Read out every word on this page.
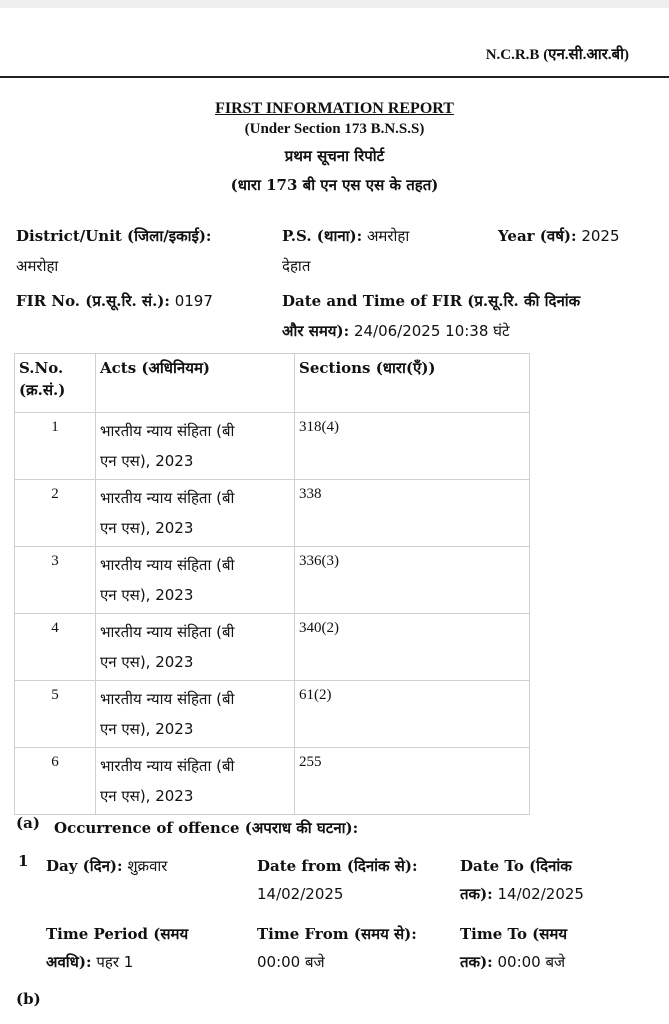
N.C.R.B (एन.सी.आर.बी)
FIRST INFORMATION REPORT
(Under Section 173 B.N.S.S)
प्रथम सूचना रिपोर्ट
(धारा 173 बी एन एस एस के तहत)
District/Unit (जिला/इकाई):
अमरोहा
P.S. (थाना): अमरोहा
देहात
Year (वर्ष): 2025
FIR No. (प्र.सू.रि. सं.): 0197	Date and Time of FIR (प्र.सू.रि. की दिनांक
और समय): 24/06/2025 10:38 घंटे
S.No.
(क्र.सं.)	Acts (अधिनियम)	Sections (धारा(एँ))
1	भारतीय न्याय संहिता (बी
एन एस), 2023	318(4)
2	भारतीय न्याय संहिता (बी
एन एस), 2023	338
3	भारतीय न्याय संहिता (बी
एन एस), 2023	336(3)
4	भारतीय न्याय संहिता (बी
एन एस), 2023	340(2)
5	भारतीय न्याय संहिता (बी
एन एस), 2023	61(2)
6	भारतीय न्याय संहिता (बी
एन एस), 2023	255
(a) Occurrence of offence (अपराध की घटना):
1 Day (दिन): शुक्रवार	Date from (दिनांक से):
14/02/2025
Date To (दिनांक
तक): 14/02/2025
Time Period (समय
अवधि): पहर 1
Time From (समय से):
00:00 बजे
Time To (समय
तक): 00:00 बजे
(b)
